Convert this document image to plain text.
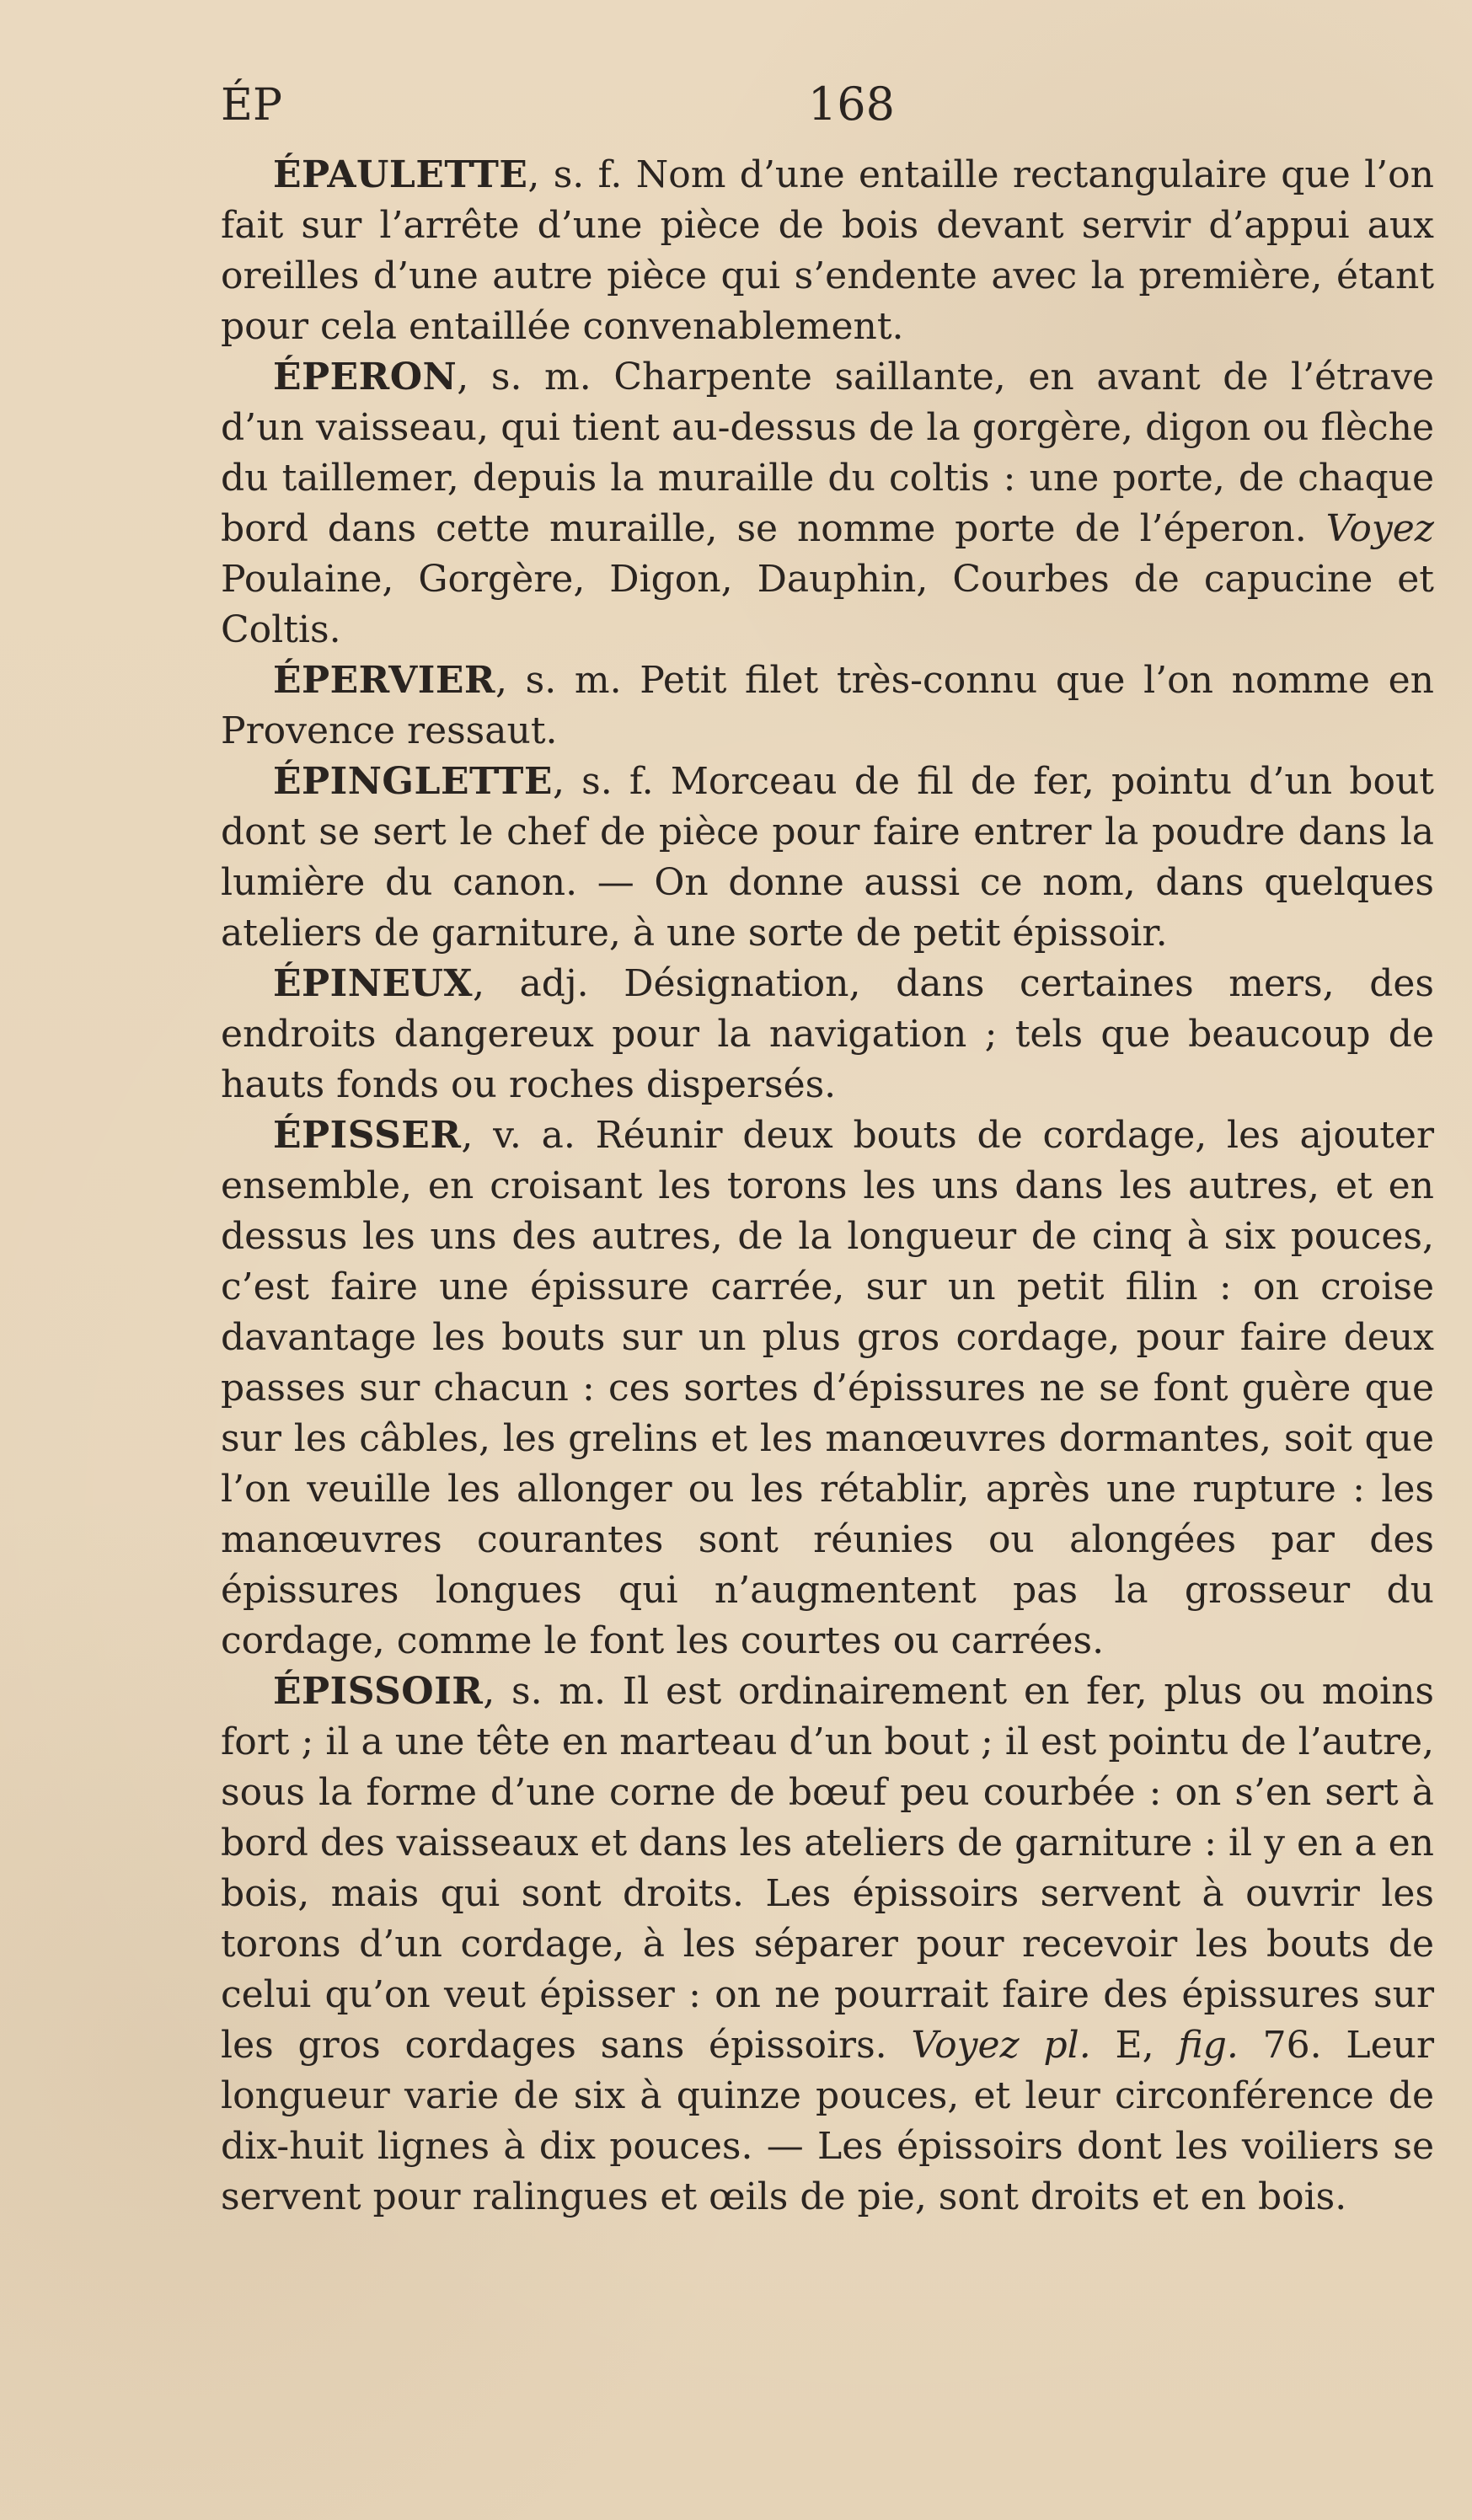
ÉP	168

ÉPAULETTE, s. f. Nom d’une entaille rectangulaire que l’on fait sur l’arrête d’une pièce de bois devant servir d’appui aux oreilles d’une autre pièce qui s’endente avec la première, étant pour cela entaillée convenablement.

ÉPERON, s. m. Charpente saillante, en avant de l’étrave d’un vaisseau, qui tient au-dessus de la gorgère, digon ou flèche du taillemer, depuis la muraille du coltis : une porte, de chaque bord dans cette muraille, se nomme porte de l’éperon. Voyez Poulaine, Gorgère, Digon, Dauphin, Courbes de capucine et Coltis.

ÉPERVIER, s. m. Petit filet très-connu que l’on nomme en Provence ressaut.

ÉPINGLETTE, s. f. Morceau de fil de fer, pointu d’un bout dont se sert le chef de pièce pour faire entrer la poudre dans la lumière du canon. — On donne aussi ce nom, dans quelques ateliers de garniture, à une sorte de petit épissoir.

ÉPINEUX, adj. Désignation, dans certaines mers, des endroits dangereux pour la navigation ; tels que beaucoup de hauts fonds ou roches dispersés.

ÉPISSER, v. a. Réunir deux bouts de cordage, les ajouter ensemble, en croisant les torons les uns dans les autres, et en dessus les uns des autres, de la longueur de cinq à six pouces, c’est faire une épissure carrée, sur un petit filin : on croise davantage les bouts sur un plus gros cordage, pour faire deux passes sur chacun : ces sortes d’épissures ne se font guère que sur les câbles, les grelins et les manœuvres dormantes, soit que l’on veuille les allonger ou les rétablir, après une rupture : les manœuvres courantes sont réunies ou alongées par des épissures longues qui n’augmentent pas la grosseur du cordage, comme le font les courtes ou carrées.

ÉPISSOIR, s. m. Il est ordinairement en fer, plus ou moins fort ; il a une tête en marteau d’un bout ; il est pointu de l’autre, sous la forme d’une corne de bœuf peu courbée : on s’en sert à bord des vaisseaux et dans les ateliers de garniture : il y en a en bois, mais qui sont droits. Les épissoirs servent à ouvrir les torons d’un cordage, à les séparer pour recevoir les bouts de celui qu’on veut épisser : on ne pourrait faire des épissures sur les gros cordages sans épissoirs. Voyez pl. E, fig. 76. Leur longueur varie de six à quinze pouces, et leur circonférence de dix-huit lignes à dix pouces. — Les épissoirs dont les voiliers se servent pour ralingues et œils de pie, sont droits et en bois.
